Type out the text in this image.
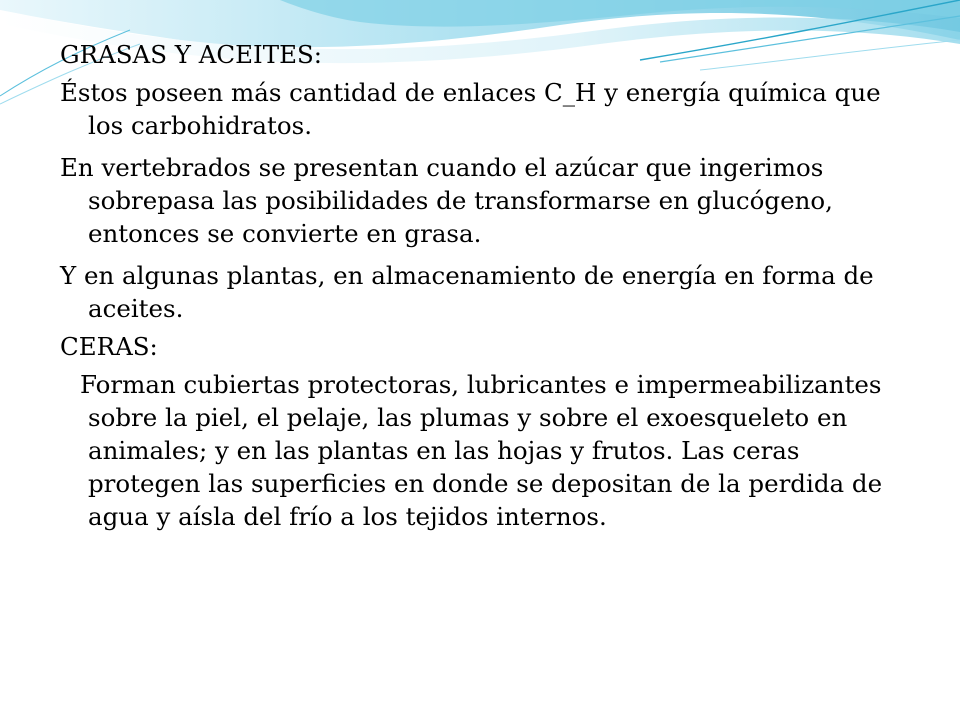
GRASAS Y ACEITES:

Éstos poseen más cantidad de enlaces C_H y energía química que los carbohidratos.

En vertebrados se presentan cuando el azúcar que ingerimos sobrepasa las posibilidades de transformarse en glucógeno, entonces se convierte en grasa.

Y en algunas plantas, en almacenamiento de energía en forma de aceites.

CERAS:

Forman cubiertas protectoras, lubricantes e impermeabilizantes sobre la piel, el pelaje, las plumas y sobre el exoesqueleto en animales; y en las plantas en las hojas y frutos. Las ceras protegen las superficies en donde se depositan de la perdida de agua y aísla del frío a los tejidos internos.
